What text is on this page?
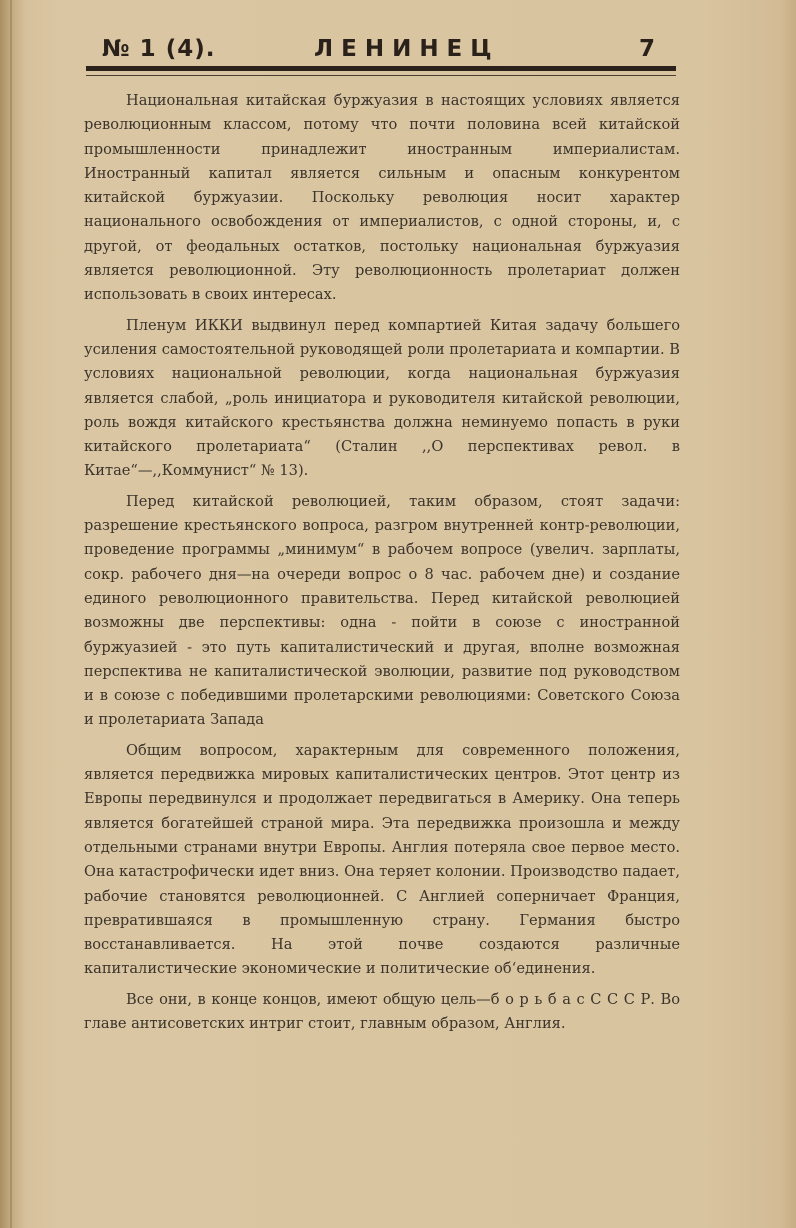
№ 1 (4).	ЛЕНИНЕЦ	7

Национальная китайская буржуазия в настоящих условиях является революционным классом, потому что почти половина всей китайской промышленности принадлежит иностранным империалистам. Иностранный капитал является сильным и опасным конкурентом китайской буржуазии. Поскольку революция носит характер национального освобождения от империалистов, с одной стороны, и, с другой, от феодальных остатков, постольку национальная буржуазия является революционной. Эту революционность пролетариат должен использовать в своих интересах.

Пленум ИККИ выдвинул перед компартией Китая задачу большего усиления самостоятельной руководящей роли пролетариата и компартии. В условиях национальной революции, когда национальная буржуазия является слабой, „роль инициатора и руководителя китайской революции, роль вождя китайского крестьянства должна неминуемо попасть в руки китайского пролетариата“ (Сталин ,,О перспективах револ. в Китае“—,,Коммунист“ № 13).

Перед китайской революцией, таким образом, стоят задачи: разрешение крестьянского вопроса, разгром внутренней контр-революции, проведение программы „минимум“ в рабочем вопросе (увелич. зарплаты, сокр. рабочего дня—на очереди вопрос о 8 час. рабочем дне) и создание единого революционного правительства. Перед китайской революцией возможны две перспективы: одна - пойти в союзе с иностранной буржуазией - это путь капиталистический и другая, вполне возможная перспектива не капиталистической эволюции, развитие под руководством и в союзе с победившими пролетарскими революциями: Советского Союза и пролетариата Запада

Общим вопросом, характерным для современного положения, является передвижка мировых капиталистических центров. Этот центр из Европы передвинулся и продолжает передвигаться в Америку. Она теперь является богатейшей страной мира. Эта передвижка произошла и между отдельными странами внутри Европы. Англия потеряла свое первое место. Она катастрофически идет вниз. Она теряет колонии. Производство падает, рабочие становятся революционней. С Англией соперничает Франция, превратившаяся в промышленную страну. Германия быстро восстанавливается. На этой почве создаются различные капиталистические экономические и политические об‘единения.

Все они, в конце концов, имеют общую цель—б о р ь б а с С С С Р. Во главе антисоветских интриг стоит, главным образом, Англия.
